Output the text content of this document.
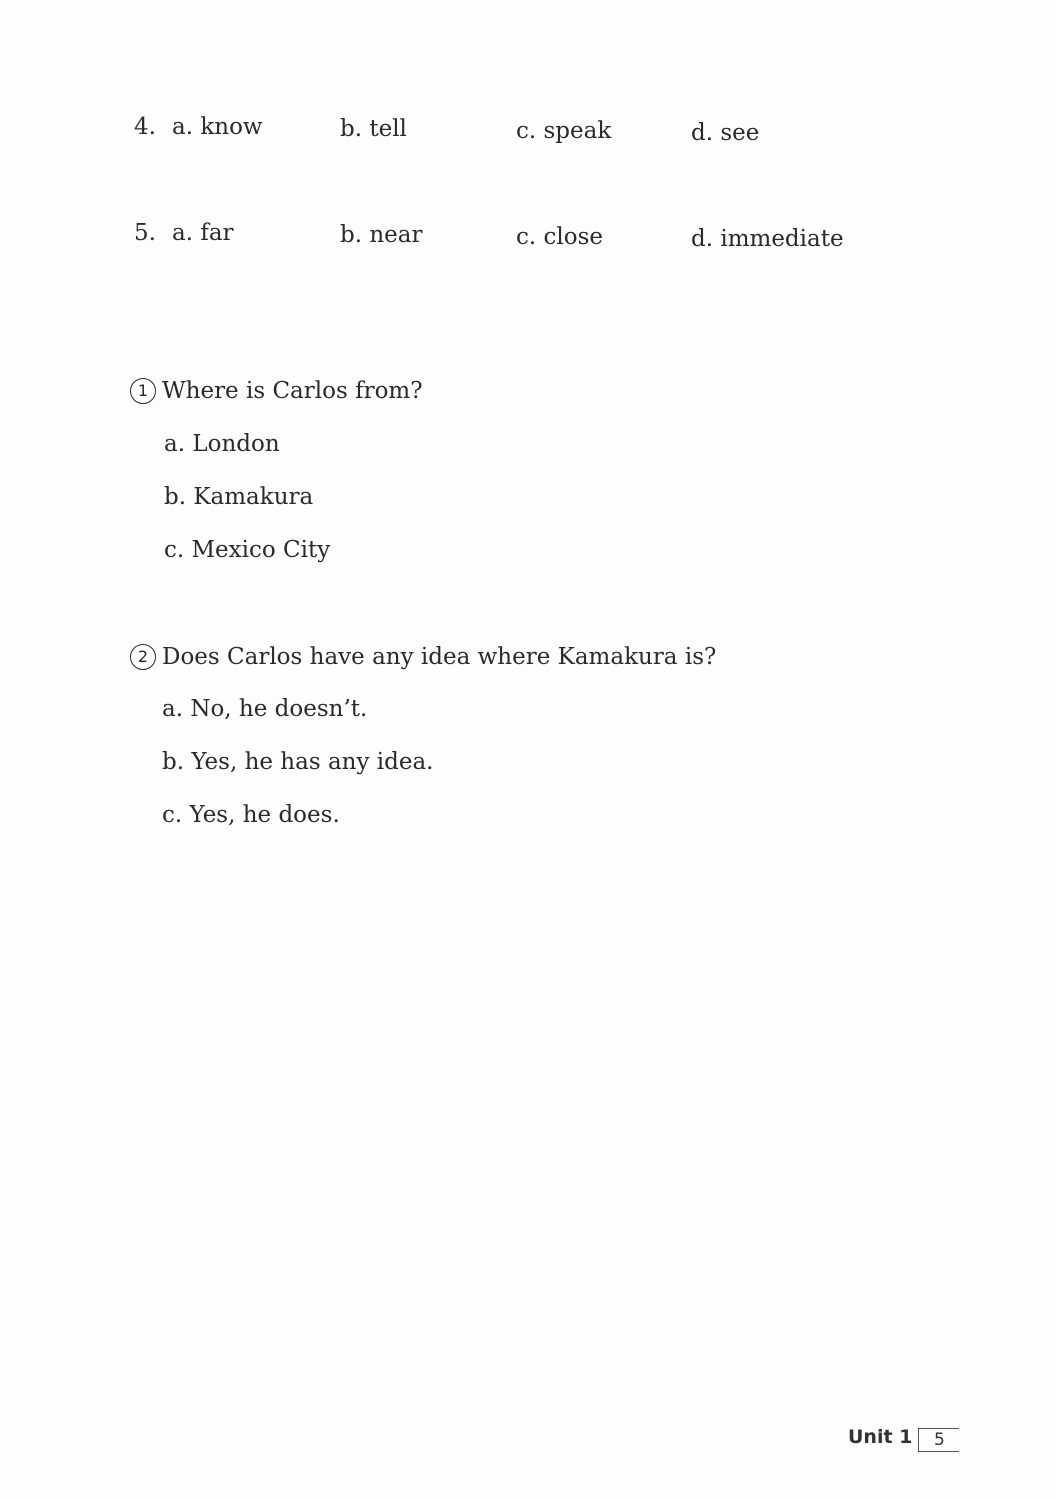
4. a. know	b. tell	c. speak	d. see
5. a. far	b. near	c. close	d. immediate
1 Where is Carlos from?
a. London
b. Kamakura
c. Mexico City
2 Does Carlos have any idea where Kamakura is?
a. No, he doesn’t.
b. Yes, he has any idea.
c. Yes, he does.
Unit 1 5
